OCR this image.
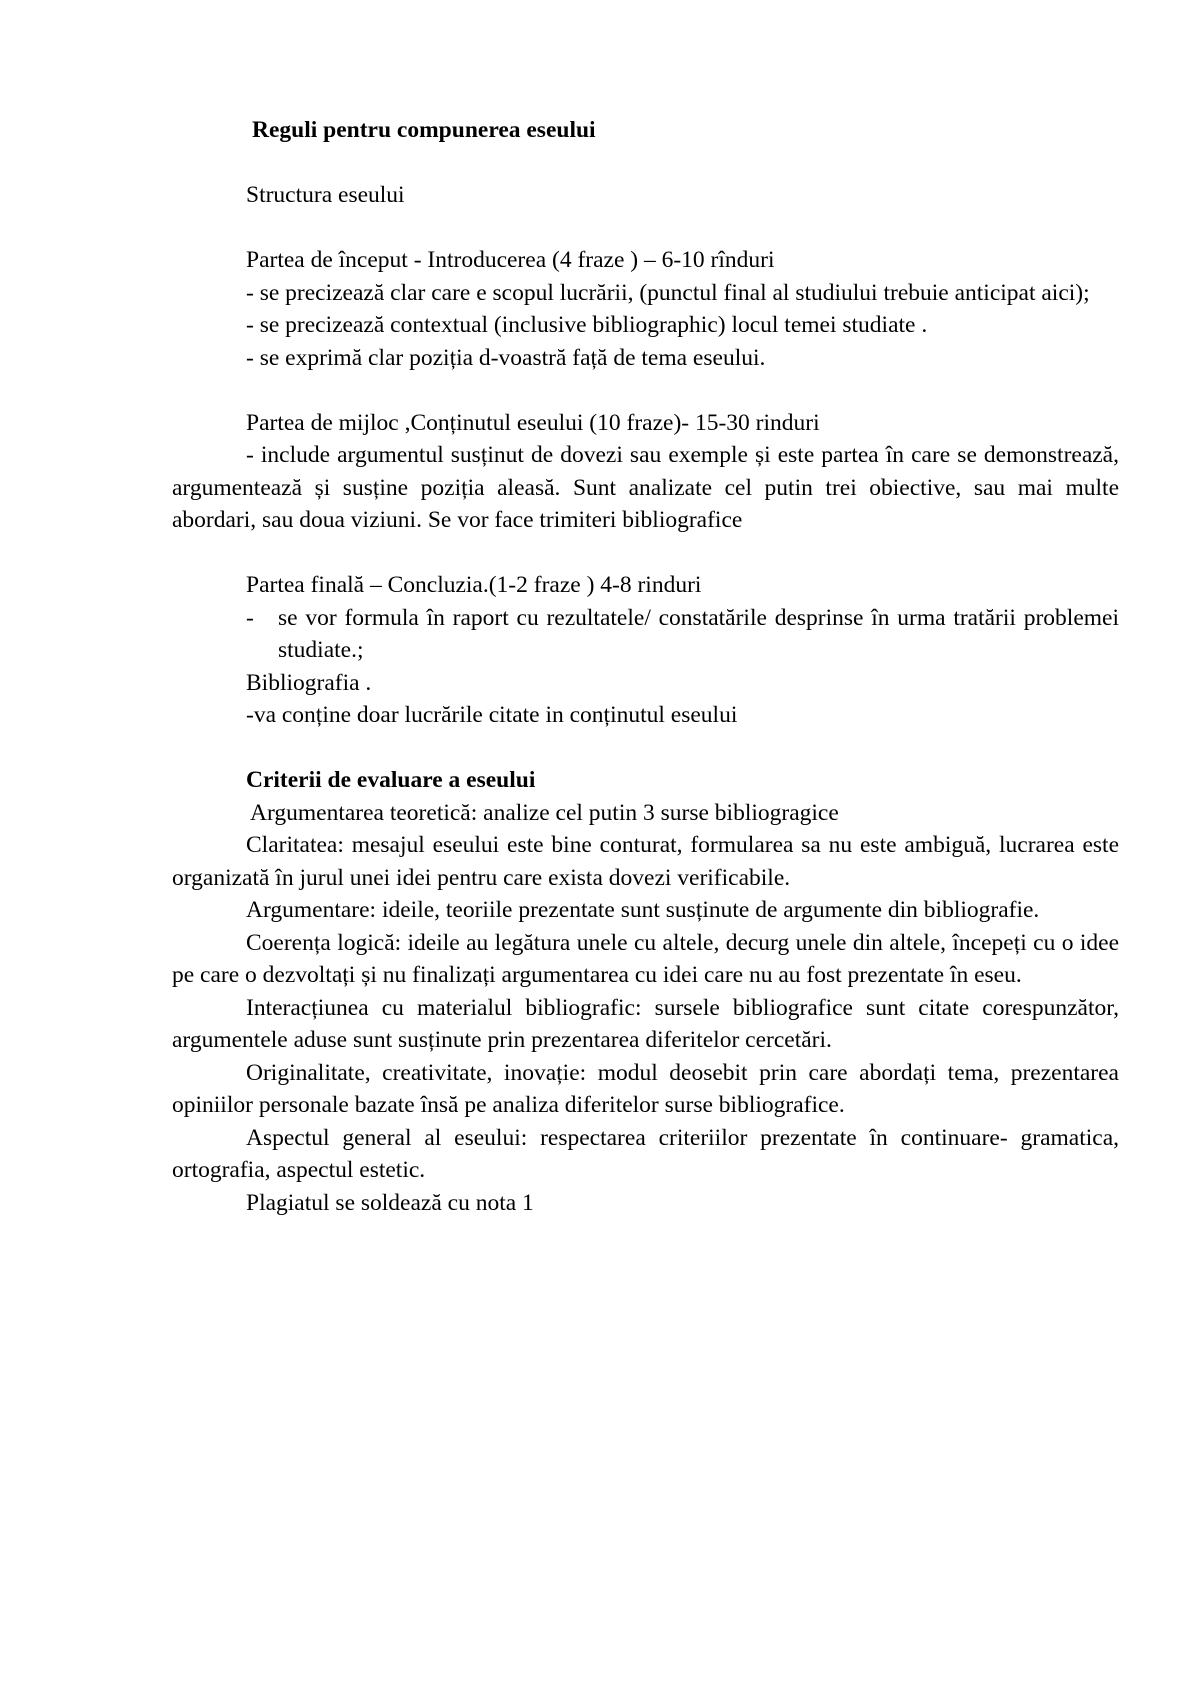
Reguli pentru compunerea eseului
Structura eseului
Partea de început - Introducerea (4 fraze ) – 6-10 rînduri

- se precizează clar care e scopul lucrării, (punctul final al studiului trebuie anticipat aici);

- se precizează contextual (inclusive bibliographic) locul temei studiate .
- se exprimă clar poziția d-voastră față de tema eseului.
Partea de mijloc ,Conținutul eseului (10 fraze)- 15-30 rinduri

- include argumentul susținut de dovezi sau exemple și este partea în care se demonstrează, argumentează și susține poziția aleasă. Sunt analizate cel putin trei obiective, sau mai multe abordari, sau doua viziuni. Se vor face trimiteri bibliografice

Partea finală – Concluzia.(1-2 fraze ) 4-8 rinduri

- se vor formula în raport cu rezultatele/ constatările desprinse în urma tratării problemei studiate.;

Bibliografia .
-va conține doar lucrările citate in conținutul eseului
Criterii de evaluare a eseului
Argumentarea teoretică: analize cel putin 3 surse bibliogragice

Claritatea: mesajul eseului este bine conturat, formularea sa nu este ambiguă, lucrarea este organizată în jurul unei idei pentru care exista dovezi verificabile.

Argumentare: ideile, teoriile prezentate sunt susținute de argumente din bibliografie.

Coerența logică: ideile au legătura unele cu altele, decurg unele din altele, începeți cu o idee pe care o dezvoltați și nu finalizați argumentarea cu idei care nu au fost prezentate în eseu.

Interacțiunea cu materialul bibliografic: sursele bibliografice sunt citate corespunzător, argumentele aduse sunt susținute prin prezentarea diferitelor cercetări.

Originalitate, creativitate, inovație: modul deosebit prin care abordați tema, prezentarea opiniilor personale bazate însă pe analiza diferitelor surse bibliografice.

Aspectul general al eseului: respectarea criteriilor prezentate în continuare- gramatica, ortografia, aspectul estetic.

Plagiatul se soldează cu nota 1
